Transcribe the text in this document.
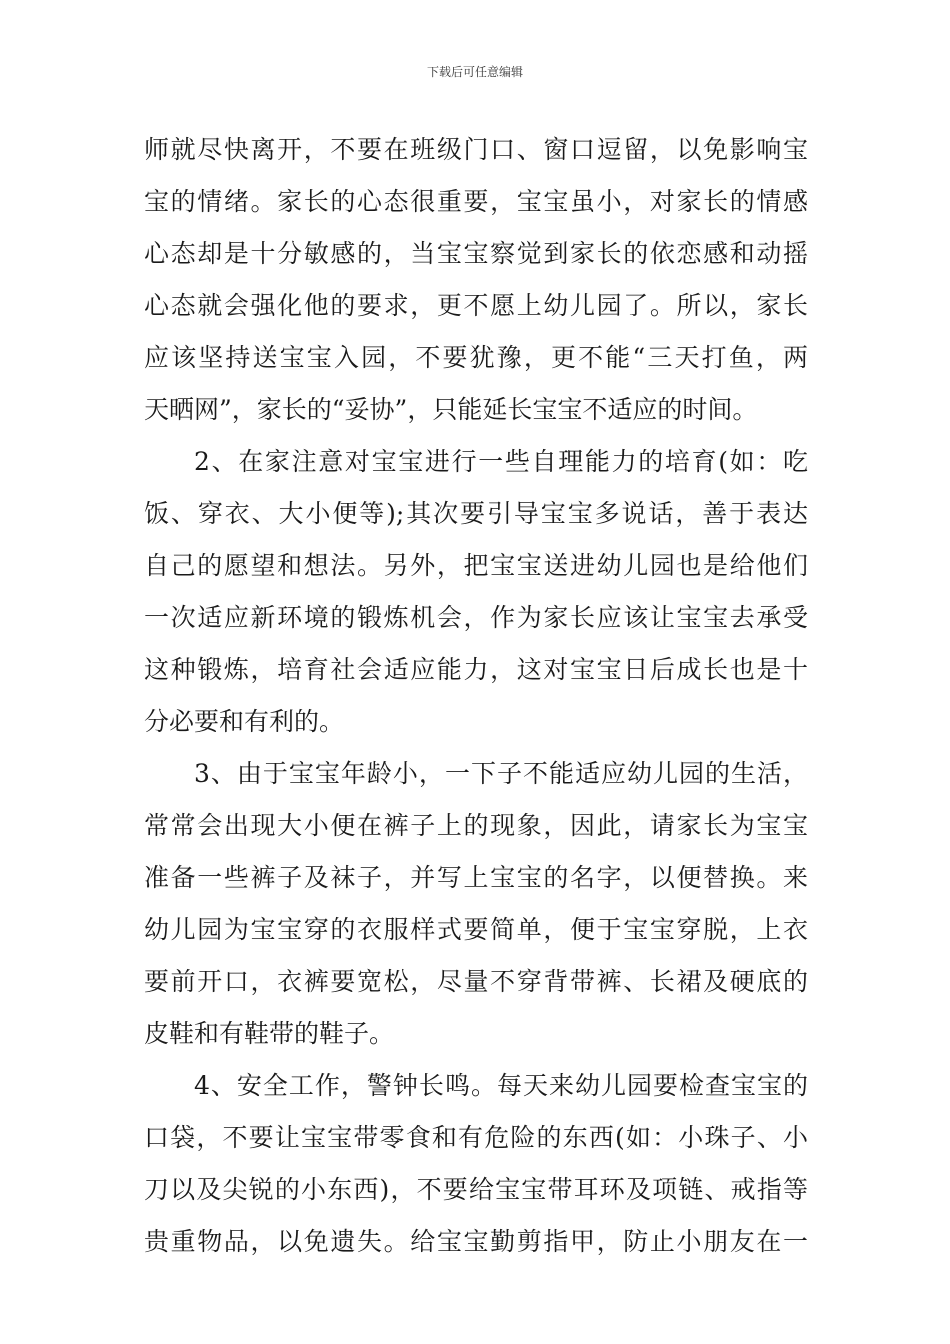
下载后可任意编辑
师就尽快离开，不要在班级门口、窗口逗留，以免影响宝
宝的情绪。家长的心态很重要，宝宝虽小，对家长的情感
心态却是十分敏感的，当宝宝察觉到家长的依恋感和动摇
心态就会强化他的要求，更不愿上幼儿园了。所以，家长
应该坚持送宝宝入园，不要犹豫，更不能“三天打鱼，两
天晒网”，家长的“妥协”，只能延长宝宝不适应的时间。
2、在家注意对宝宝进行一些自理能力的培育(如：吃
饭、穿衣、大小便等);其次要引导宝宝多说话，善于表达
自己的愿望和想法。另外，把宝宝送进幼儿园也是给他们
一次适应新环境的锻炼机会，作为家长应该让宝宝去承受
这种锻炼，培育社会适应能力，这对宝宝日后成长也是十
分必要和有利的。
3、由于宝宝年龄小，一下子不能适应幼儿园的生活，
常常会出现大小便在裤子上的现象，因此，请家长为宝宝
准备一些裤子及袜子，并写上宝宝的名字，以便替换。来
幼儿园为宝宝穿的衣服样式要简单，便于宝宝穿脱，上衣
要前开口，衣裤要宽松，尽量不穿背带裤、长裙及硬底的
皮鞋和有鞋带的鞋子。
4、安全工作，警钟长鸣。每天来幼儿园要检查宝宝的
口袋，不要让宝宝带零食和有危险的东西(如：小珠子、小
刀以及尖锐的小东西)，不要给宝宝带耳环及项链、戒指等
贵重物品，以免遗失。给宝宝勤剪指甲，防止小朋友在一
